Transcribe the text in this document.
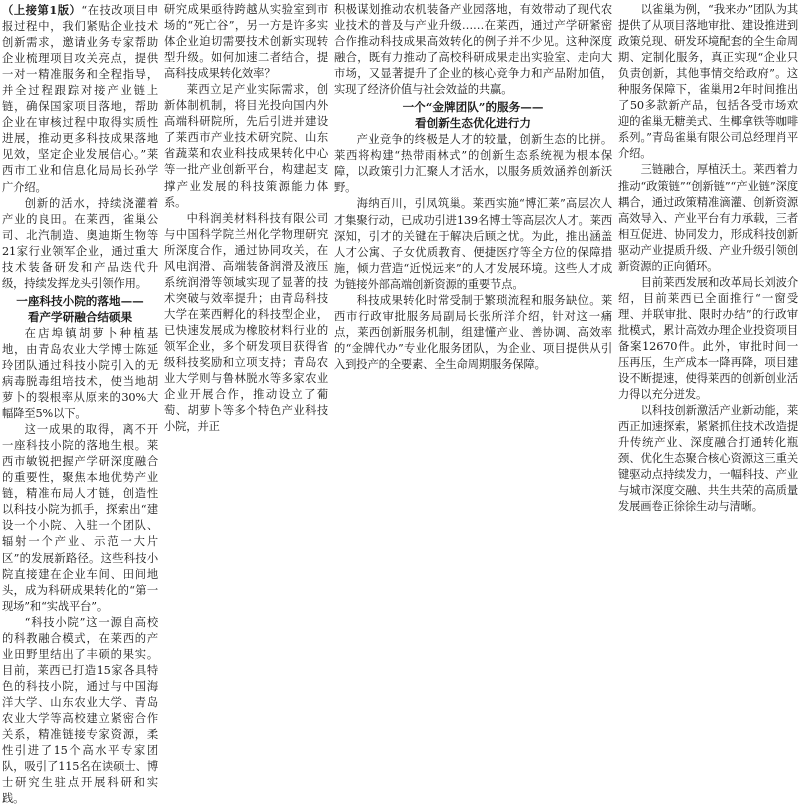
（上接第1版）“在技改项目申报过程中，我们紧贴企业技术创新需求，邀请业务专家帮助企业梳理项目攻关亮点，提供一对一精准服务和全程指导，并全过程跟踪对接产业链上链，确保国家项目落地，帮助企业在审核过程中取得实质性进展，推动更多科技成果落地见效，坚定企业发展信心。”莱西市工业和信息化局局长孙学广介绍。

创新的活水，持续浇灌着产业的良田。在莱西，雀巢公司、北汽制造、奥迪斯生物等21家行业领军企业，通过重大技术装备研发和产品迭代升级，持续发挥龙头引领作用。

一座科技小院的落地——
看产学研融合结硕果

在店埠镇胡萝卜种植基地，由青岛农业大学博士陈延玲团队通过科技小院引入的无病毒脱毒组培技术，使当地胡萝卜的裂根率从原来的30%大幅降至5%以下。

这一成果的取得，离不开一座科技小院的落地生根。莱西市敏锐把握产学研深度融合的重要性，聚焦本地优势产业链，精准布局人才链，创造性以科技小院为抓手，探索出“建设一个小院、入驻一个团队、辐射一个产业、示范一大片区”的发展新路径。这些科技小院直接建在企业车间、田间地头，成为科研成果转化的“第一现场”和“实战平台”。

“科技小院”这一源自高校的科教融合模式，在莱西的产业田野里结出了丰硕的果实。目前，莱西已打造15家各具特色的科技小院，通过与中国海洋大学、山东农业大学、青岛农业大学等高校建立紧密合作关系，精准链接专家资源，柔性引进了15个高水平专家团队，吸引了115名在读硕士、博士研究生驻点开展科研和实践。

研究成果亟待跨越从实验室到市场的“死亡谷”，另一方是许多实体企业迫切需要技术创新实现转型升级。如何加速二者结合，提高科技成果转化效率？

莱西立足产业实际需求，创新体制机制，将目光投向国内外高端科研院所，先后引进并建设了莱西市产业技术研究院、山东省蔬菜和农业科技成果转化中心等一批产业创新平台，构建起支撑产业发展的科技策源能力体系。

中科润美材料科技有限公司与中国科学院兰州化学物理研究所深度合作，通过协同攻关，在风电润滑、高端装备润滑及液压系统润滑等领域实现了显著的技术突破与效率提升；由青岛科技大学在莱西孵化的科技型企业，已快速发展成为橡胶材料行业的领军企业，多个研发项目获得省级科技奖励和立项支持；青岛农业大学则与鲁林脱水等多家农业企业开展合作，推动设立了葡萄、胡萝卜等多个特色产业科技小院，并正

积极谋划推动农机装备产业园落地，有效带动了现代农业技术的普及与产业升级……在莱西，通过产学研紧密合作推动科技成果高效转化的例子并不少见。这种深度融合，既有力推动了高校科研成果走出实验室、走向大市场，又显著提升了企业的核心竞争力和产品附加值，实现了经济价值与社会效益的共赢。

一个“金牌团队”的服务——
看创新生态优化进行力

产业竞争的终极是人才的较量，创新生态的比拼。莱西将构建“热带雨林式”的创新生态系统视为根本保障，以政策引力汇聚人才活水，以服务质效涵养创新沃野。

海纳百川，引凤筑巢。莱西实施“博汇莱”高层次人才集聚行动，已成功引进139名博士等高层次人才。莱西深知，引才的关键在于解决后顾之忧。为此，推出涵盖人才公寓、子女优质教育、便捷医疗等全方位的保障措施，倾力营造“近悦远来”的人才发展环境。这些人才成为链接外部高端创新资源的重要节点。

科技成果转化时常受制于繁琐流程和服务缺位。莱西市行政审批服务局副局长张所洋介绍，针对这一痛点，莱西创新服务机制，组建懂产业、善协调、高效率的“金牌代办”专业化服务团队，为企业、项目提供从引入到投产的全要素、全生命周期服务保障。

以雀巢为例，“我来办”团队为其提供了从项目落地审批、建设推进到政策兑现、研发环境配套的全生命周期、定制化服务，真正实现“企业只负责创新，其他事情交给政府”。这种服务保障下，雀巢用2年时间推出了50多款新产品，包括各受市场欢迎的雀巢无糖美式、生椰拿铁等咖啡系列。”青岛雀巢有限公司总经理肖平介绍。

三链融合，厚植沃土。莱西着力推动“政策链”“创新链”“产业链”深度耦合，通过政策精准滴灌、创新资源高效导入、产业平台有力承载，三者相互促进、协同发力，形成科技创新驱动产业提质升级、产业升级引领创新资源的正向循环。

目前莱西发展和改革局长刘波介绍，目前莱西已全面推行“一窗受理、并联审批、限时办结”的行政审批模式，累计高效办理企业投资项目备案12670件。此外，审批时间一压再压，生产成本一降再降，项目建设不断提速，使得莱西的创新创业活力得以充分迸发。

以科技创新激活产业新动能，莱西正加速探索，紧紧抓住技术改造提升传统产业、深度融合打通转化瓶颈、优化生态聚合核心资源这三重关键驱动点持续发力，一幅科技、产业与城市深度交融、共生共荣的高质量发展画卷正徐徐生动与清晰。
